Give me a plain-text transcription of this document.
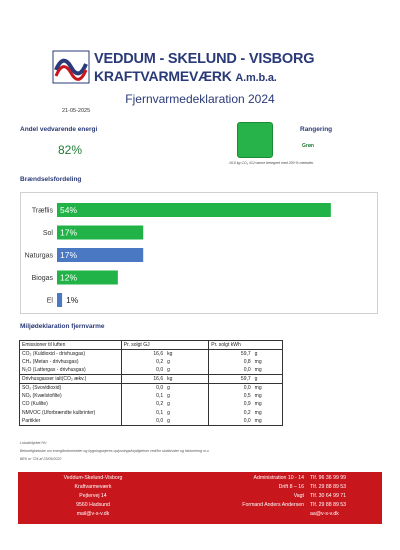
VEDDUM - SKELUND - VISBORG
KRAFTVARMEVÆRK A.m.b.a.
Fjernvarmedeklaration 2024
21-05-2025
Andel vedvarende energi
82%
Rangering
Grøn
16,6 kg CO₂ /GJ varme beregnet med 200 % metoden.
Brændselsfordeling
Træflis 54%
Sol 17%
Naturgas 17%
Biogas 12%
El 1%
Miljødeklaration fjernvarme
Emissioner til luften	Pr. solgt GJ		Pr. solgt kWh	
CO₂ (Kuldioxid - drivhusgas)	16,6	kg	59,7	g
CH₄ (Metan - drivhusgas)	0,2	g	0,8	mg
N₂O (Lattergas - drivhusgas)	0,0	g	0,0	mg
Drivhusgasser ialt(CO₂ ækv.)	16,6	kg	59,7	g
SO₂ (Svovldioxid)	0,0	g	0,0	mg
NOₓ (Kvælstofilte)	0,1	g	0,5	mg
CO (Kulilte)	0,2	g	0,9	mg
NMVOC (Uforbrændte kulbrinter)	0,1	g	0,2	mg
Partikler	0,0	g	0,0	mg
Lokalt/dyrket HV.
Beboeligkøbsbe om energiforbrmheder og bygningsejeres oplysningsforpligtelser ved/for sluttbruder og fakturering m.v.
BEK nr 724 af 23/05/2022
Veddum-Skelund-Visborg
Kraftvarmeværk
Pejtervej 14
9560 Hadsund
mail@v-s-v.dk
Administration 10 - 14
Drift 8 – 16
Vagt
Formand Anders Andersen
Tlf. 96 36 99 99
Tlf. 29 88 89 53
Tlf. 30 64 99 71
Tlf. 29 88 89 53
aa@v-s-v.dk
